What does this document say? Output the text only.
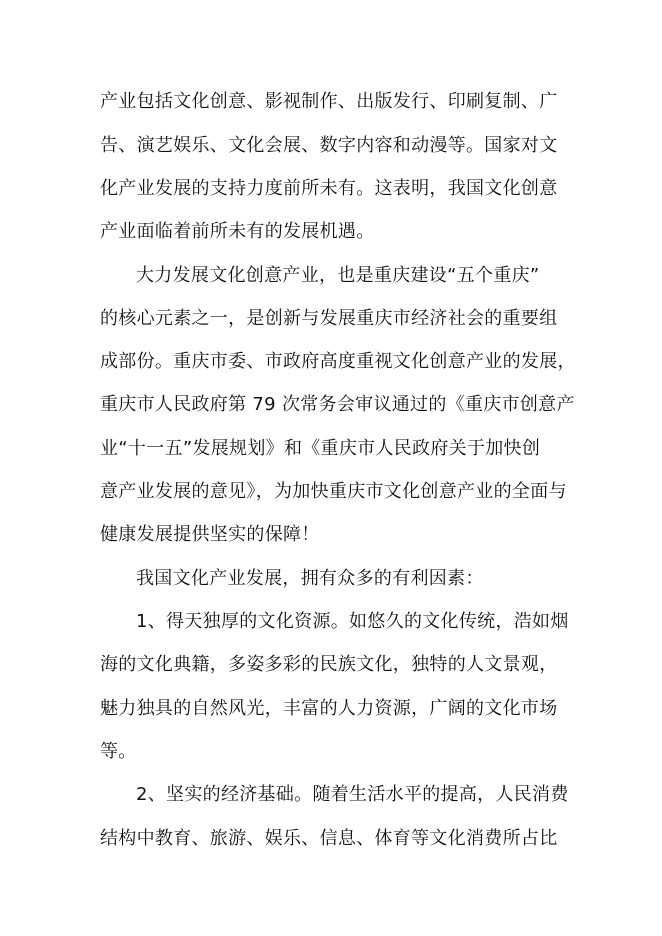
产业包括文化创意、影视制作、出版发行、印刷复制、广
告、演艺娱乐、文化会展、数字内容和动漫等。国家对文
化产业发展的支持力度前所未有。这表明，我国文化创意
产业面临着前所未有的发展机遇。
大力发展文化创意产业，也是重庆建设“五个重庆”
的核心元素之一，是创新与发展重庆市经济社会的重要组
成部份。重庆市委、市政府高度重视文化创意产业的发展，
重庆市人民政府第 79 次常务会审议通过的《重庆市创意产
业“十一五”发展规划》和《重庆市人民政府关于加快创
意产业发展的意见》，为加快重庆市文化创意产业的全面与
健康发展提供坚实的保障！
我国文化产业发展，拥有众多的有利因素：
1、得天独厚的文化资源。如悠久的文化传统，浩如烟
海的文化典籍，多姿多彩的民族文化，独特的人文景观，
魅力独具的自然风光，丰富的人力资源，广阔的文化市场
等。
2、坚实的经济基础。随着生活水平的提高，人民消费
结构中教育、旅游、娱乐、信息、体育等文化消费所占比
